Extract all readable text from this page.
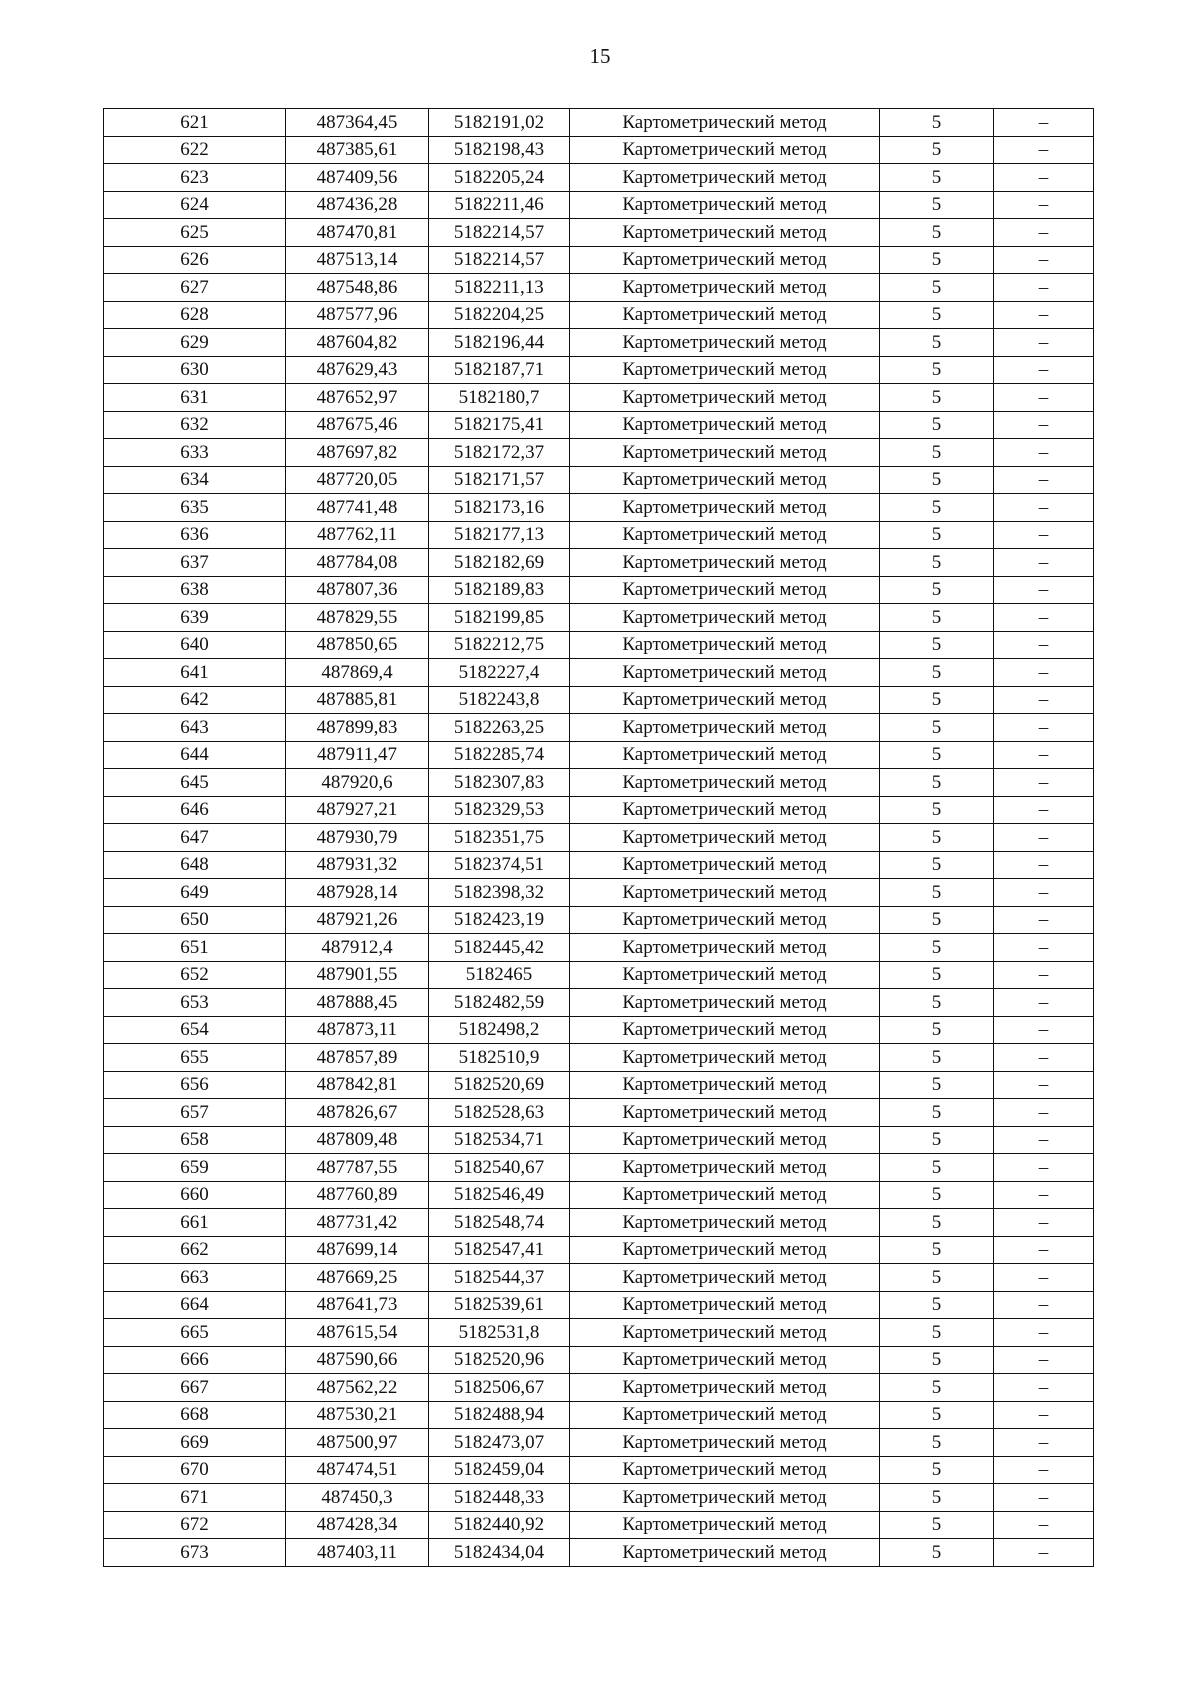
15
621	487364,45	5182191,02	Картометрический метод	5	–
622	487385,61	5182198,43	Картометрический метод	5	–
623	487409,56	5182205,24	Картометрический метод	5	–
624	487436,28	5182211,46	Картометрический метод	5	–
625	487470,81	5182214,57	Картометрический метод	5	–
626	487513,14	5182214,57	Картометрический метод	5	–
627	487548,86	5182211,13	Картометрический метод	5	–
628	487577,96	5182204,25	Картометрический метод	5	–
629	487604,82	5182196,44	Картометрический метод	5	–
630	487629,43	5182187,71	Картометрический метод	5	–
631	487652,97	5182180,7	Картометрический метод	5	–
632	487675,46	5182175,41	Картометрический метод	5	–
633	487697,82	5182172,37	Картометрический метод	5	–
634	487720,05	5182171,57	Картометрический метод	5	–
635	487741,48	5182173,16	Картометрический метод	5	–
636	487762,11	5182177,13	Картометрический метод	5	–
637	487784,08	5182182,69	Картометрический метод	5	–
638	487807,36	5182189,83	Картометрический метод	5	–
639	487829,55	5182199,85	Картометрический метод	5	–
640	487850,65	5182212,75	Картометрический метод	5	–
641	487869,4	5182227,4	Картометрический метод	5	–
642	487885,81	5182243,8	Картометрический метод	5	–
643	487899,83	5182263,25	Картометрический метод	5	–
644	487911,47	5182285,74	Картометрический метод	5	–
645	487920,6	5182307,83	Картометрический метод	5	–
646	487927,21	5182329,53	Картометрический метод	5	–
647	487930,79	5182351,75	Картометрический метод	5	–
648	487931,32	5182374,51	Картометрический метод	5	–
649	487928,14	5182398,32	Картометрический метод	5	–
650	487921,26	5182423,19	Картометрический метод	5	–
651	487912,4	5182445,42	Картометрический метод	5	–
652	487901,55	5182465	Картометрический метод	5	–
653	487888,45	5182482,59	Картометрический метод	5	–
654	487873,11	5182498,2	Картометрический метод	5	–
655	487857,89	5182510,9	Картометрический метод	5	–
656	487842,81	5182520,69	Картометрический метод	5	–
657	487826,67	5182528,63	Картометрический метод	5	–
658	487809,48	5182534,71	Картометрический метод	5	–
659	487787,55	5182540,67	Картометрический метод	5	–
660	487760,89	5182546,49	Картометрический метод	5	–
661	487731,42	5182548,74	Картометрический метод	5	–
662	487699,14	5182547,41	Картометрический метод	5	–
663	487669,25	5182544,37	Картометрический метод	5	–
664	487641,73	5182539,61	Картометрический метод	5	–
665	487615,54	5182531,8	Картометрический метод	5	–
666	487590,66	5182520,96	Картометрический метод	5	–
667	487562,22	5182506,67	Картометрический метод	5	–
668	487530,21	5182488,94	Картометрический метод	5	–
669	487500,97	5182473,07	Картометрический метод	5	–
670	487474,51	5182459,04	Картометрический метод	5	–
671	487450,3	5182448,33	Картометрический метод	5	–
672	487428,34	5182440,92	Картометрический метод	5	–
673	487403,11	5182434,04	Картометрический метод	5	–
